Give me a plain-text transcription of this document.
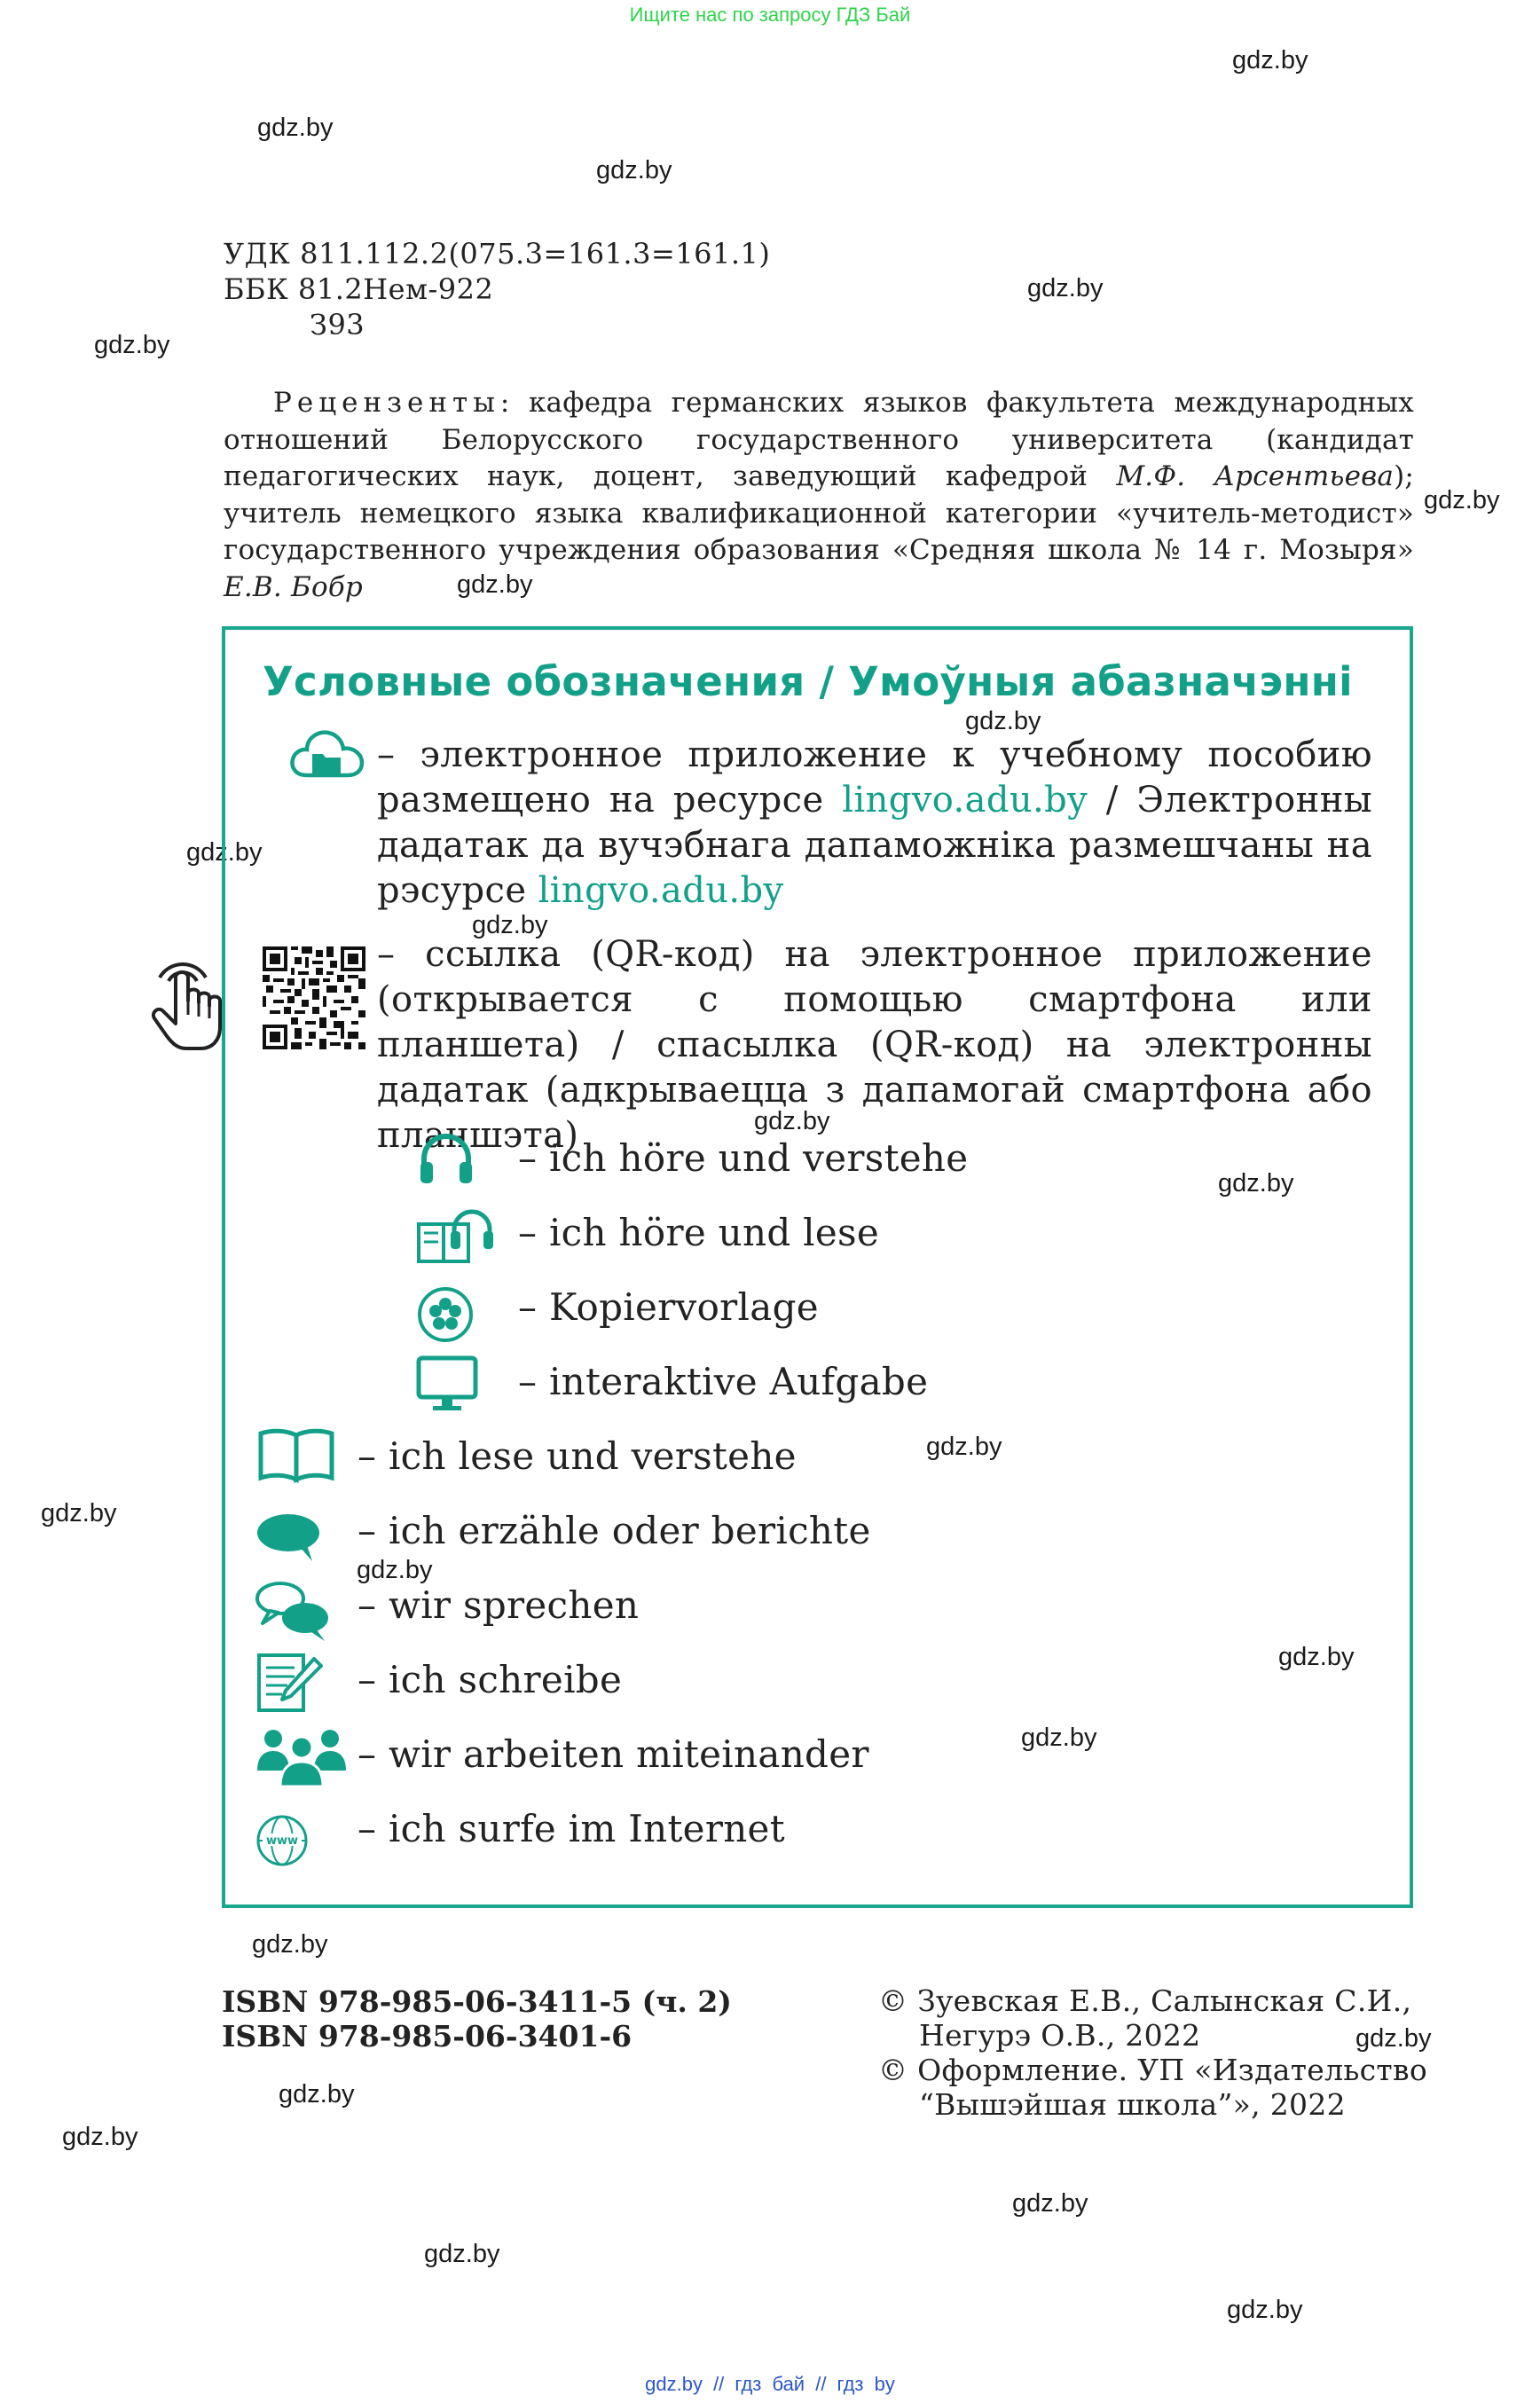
Ищите нас по запросу ГДЗ Бай
gdz.by
gdz.by
gdz.by
gdz.by
gdz.by
gdz.by
gdz.by
gdz.by
gdz.by
gdz.by
gdz.by
gdz.by
gdz.by
gdz.by
gdz.by
gdz.by
gdz.by
gdz.by
gdz.by
gdz.by
gdz.by
gdz.by
gdz.by
gdz.by
УДК 811.112.2(075.3=161.3=161.1)
ББК 81.2Нем-922
З93

Рецензенты: кафедра германских языков факультета международных отношений Белорусского государственного университета (кандидат педагогических наук, доцент, заведующий кафедрой М.Ф. Арсентьева); учитель немецкого языка квалификационной категории «учитель-методист» государственного учреждения образования «Средняя школа № 14 г. Мозыря» Е.В. Бобр

Условные обозначения / Умоўныя абазначэнні

– электронное приложение к учебному пособию размещено на ресурсе lingvo.adu.by / Электронны дадатак да вучэбнага дапаможніка размешчаны на рэсурсе lingvo.adu.by

– ссылка (QR-код) на электронное приложение (открывается с помощью смартфона или планшета) / спасылка (QR-код) на электронны дадатак (адкрываецца з дапамогай смартфона або планшэта)

– ich höre und verstehe
– ich höre und lese
– Kopiervorlage
– interaktive Aufgabe
– ich lese und verstehe
– ich erzähle oder berichte
– wir sprechen
– ich schreibe
– wir arbeiten miteinander
www – ich surfe im Internet
ISBN 978-985-06-3411-5 (ч. 2)
ISBN 978-985-06-3401-6
© Зуевская Е.В., Салынская С.И.,
Негурэ О.В., 2022
© Оформление. УП «Издательство
“Вышэйшая школа”», 2022
gdz.by // гдз бай // гдз by
